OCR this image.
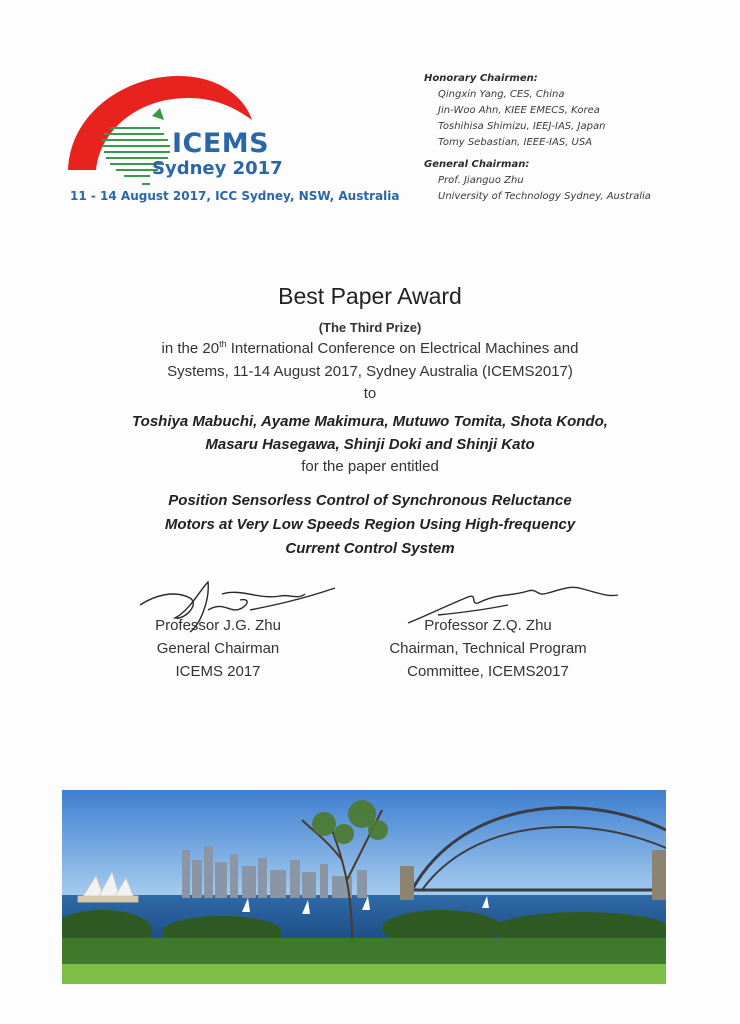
ICEMS
Sydney 2017
11 - 14 August 2017, ICC Sydney, NSW, Australia
Honorary Chairmen:
Qingxin Yang, CES, China
Jin-Woo Ahn, KIEE EMECS, Korea
Toshihisa Shimizu, IEEJ-IAS, Japan
Tomy Sebastian, IEEE-IAS, USA
General Chairman:
Prof. Jianguo Zhu
University of Technology Sydney, Australia
Best Paper Award
(The Third Prize)
in the 20th International Conference on Electrical Machines and
Systems, 11-14 August 2017, Sydney Australia (ICEMS2017)
to
Toshiya Mabuchi, Ayame Makimura, Mutuwo Tomita, Shota Kondo,
Masaru Hasegawa, Shinji Doki and Shinji Kato
for the paper entitled
Position Sensorless Control of Synchronous Reluctance
Motors at Very Low Speeds Region Using High-frequency
Current Control System
Professor J.G. Zhu
General Chairman
ICEMS 2017
Professor Z.Q. Zhu
Chairman, Technical Program
Committee, ICEMS2017
